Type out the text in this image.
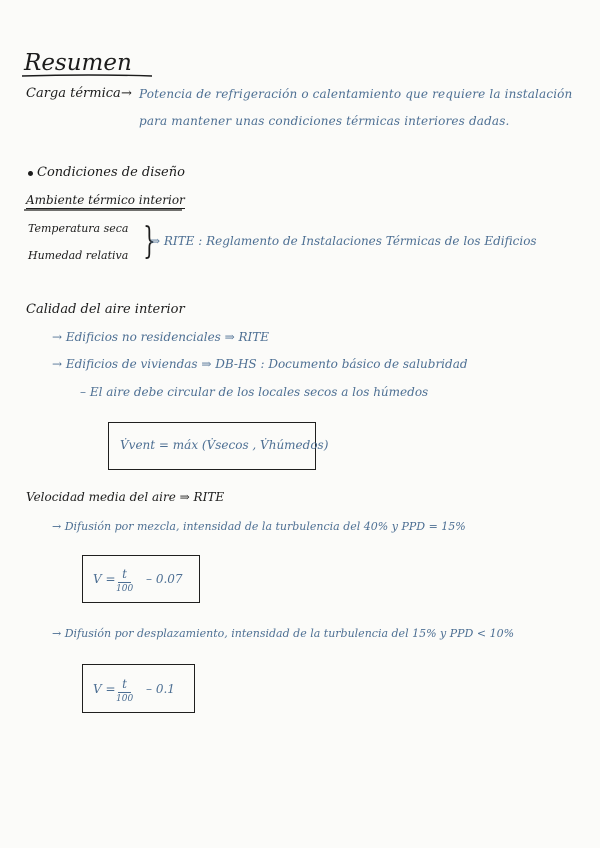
Resumen
Carga térmica → Potencia de refrigeración o calentamiento que requiere la instalación
para mantener unas condiciones térmicas interiores dadas.
Condiciones de diseño
Ambiente térmico interior
Temperatura seca
Humedad relativa }
⇒ RITE : Reglamento de Instalaciones Térmicas de los Edificios
Calidad del aire interior
→ Edificios no residenciales ⇒ RITE
→ Edificios de viviendas ⇒ DB-HS : Documento básico de salubridad
– El aire debe circular de los locales secos a los húmedos
V̇vent = máx (V̇secos , V̇húmedos)
Velocidad media del aire ⇒ RITE
→ Difusión por mezcla, intensidad de la turbulencia del 40% y PPD = 15%
V = t
100
– 0.07
→ Difusión por desplazamiento, intensidad de la turbulencia del 15% y PPD < 10%
V = t
100
– 0.1
